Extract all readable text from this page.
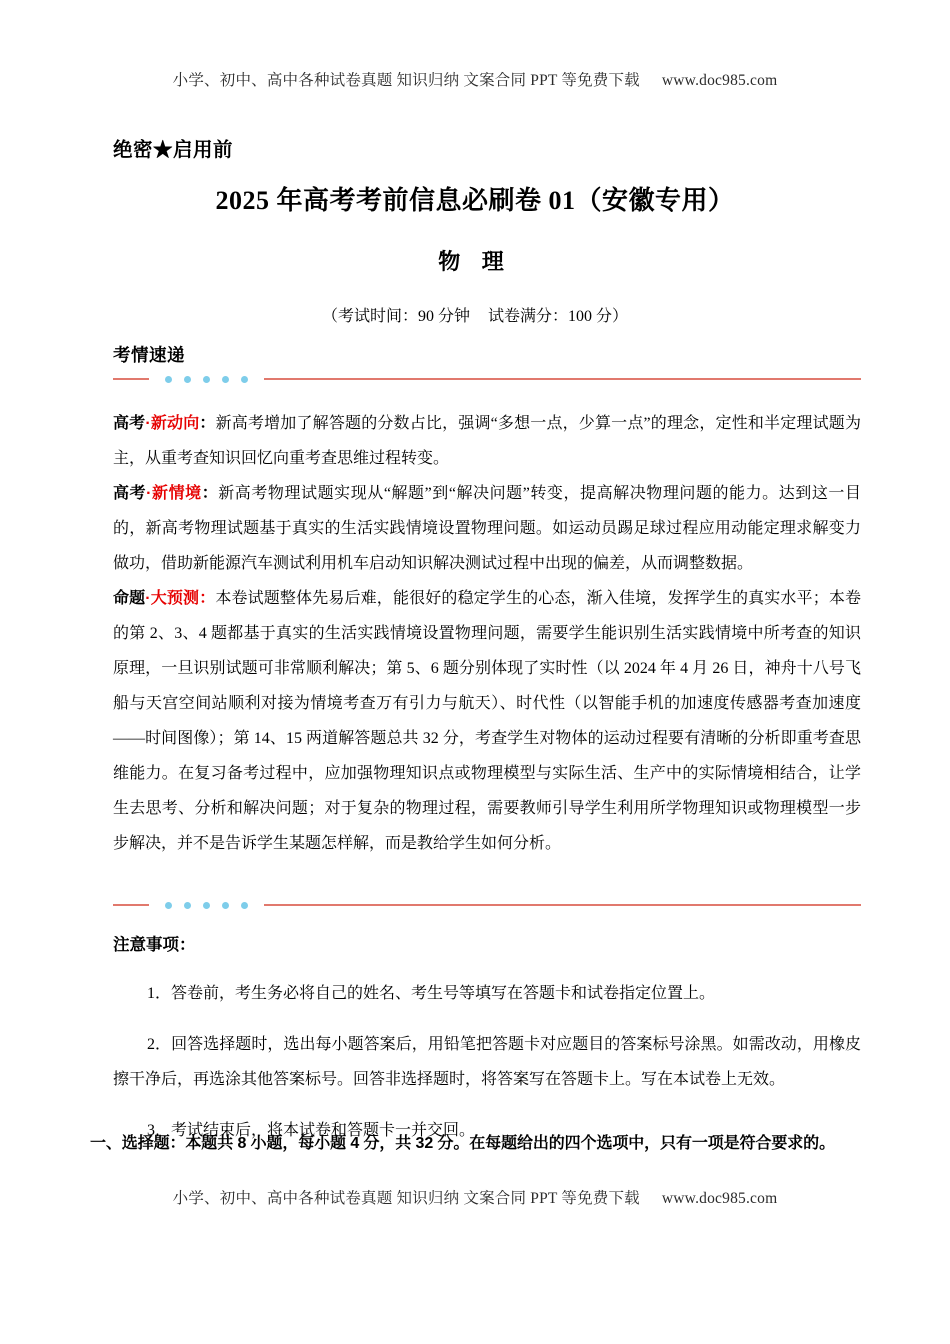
小学、初中、高中各种试卷真题 知识归纳 文案合同 PPT 等免费下载 www.doc985.com
绝密★启用前
2025 年高考考前信息必刷卷 01（安徽专用）
物 理
（考试时间：90 分钟 试卷满分：100 分）
考情速递

高考·新动向：新高考增加了解答题的分数占比，强调“多想一点，少算一点”的理念，定性和半定理试题为主，从重考查知识回忆向重考查思维过程转变。

高考·新情境：新高考物理试题实现从“解题”到“解决问题”转变，提高解决物理问题的能力。达到这一目的，新高考物理试题基于真实的生活实践情境设置物理问题。如运动员踢足球过程应用动能定理求解变力做功，借助新能源汽车测试利用机车启动知识解决测试过程中出现的偏差，从而调整数据。

命题·大预测：本卷试题整体先易后难，能很好的稳定学生的心态，渐入佳境，发挥学生的真实水平；本卷的第 2、3、4 题都基于真实的生活实践情境设置物理问题，需要学生能识别生活实践情境中所考查的知识原理，一旦识别试题可非常顺利解决；第 5、6 题分别体现了实时性（以 2024 年 4 月 26 日，神舟十八号飞船与天宫空间站顺利对接为情境考查万有引力与航天）、时代性（以智能手机的加速度传感器考查加速度——时间图像）；第 14、15 两道解答题总共 32 分，考查学生对物体的运动过程要有清晰的分析即重考查思维能力。在复习备考过程中，应加强物理知识点或物理模型与实际生活、生产中的实际情境相结合，让学生去思考、分析和解决问题；对于复杂的物理过程，需要教师引导学生利用所学物理知识或物理模型一步步解决，并不是告诉学生某题怎样解，而是教给学生如何分析。

注意事项：

1．答卷前，考生务必将自己的姓名、考生号等填写在答题卡和试卷指定位置上。

2．回答选择题时，选出每小题答案后，用铅笔把答题卡对应题目的答案标号涂黑。如需改动，用橡皮擦干净后，再选涂其他答案标号。回答非选择题时，将答案写在答题卡上。写在本试卷上无效。

3．考试结束后，将本试卷和答题卡一并交回。

一、选择题：本题共 8 小题，每小题 4 分，共 32 分。在每题给出的四个选项中，只有一项是符合要求的。
小学、初中、高中各种试卷真题 知识归纳 文案合同 PPT 等免费下载 www.doc985.com
